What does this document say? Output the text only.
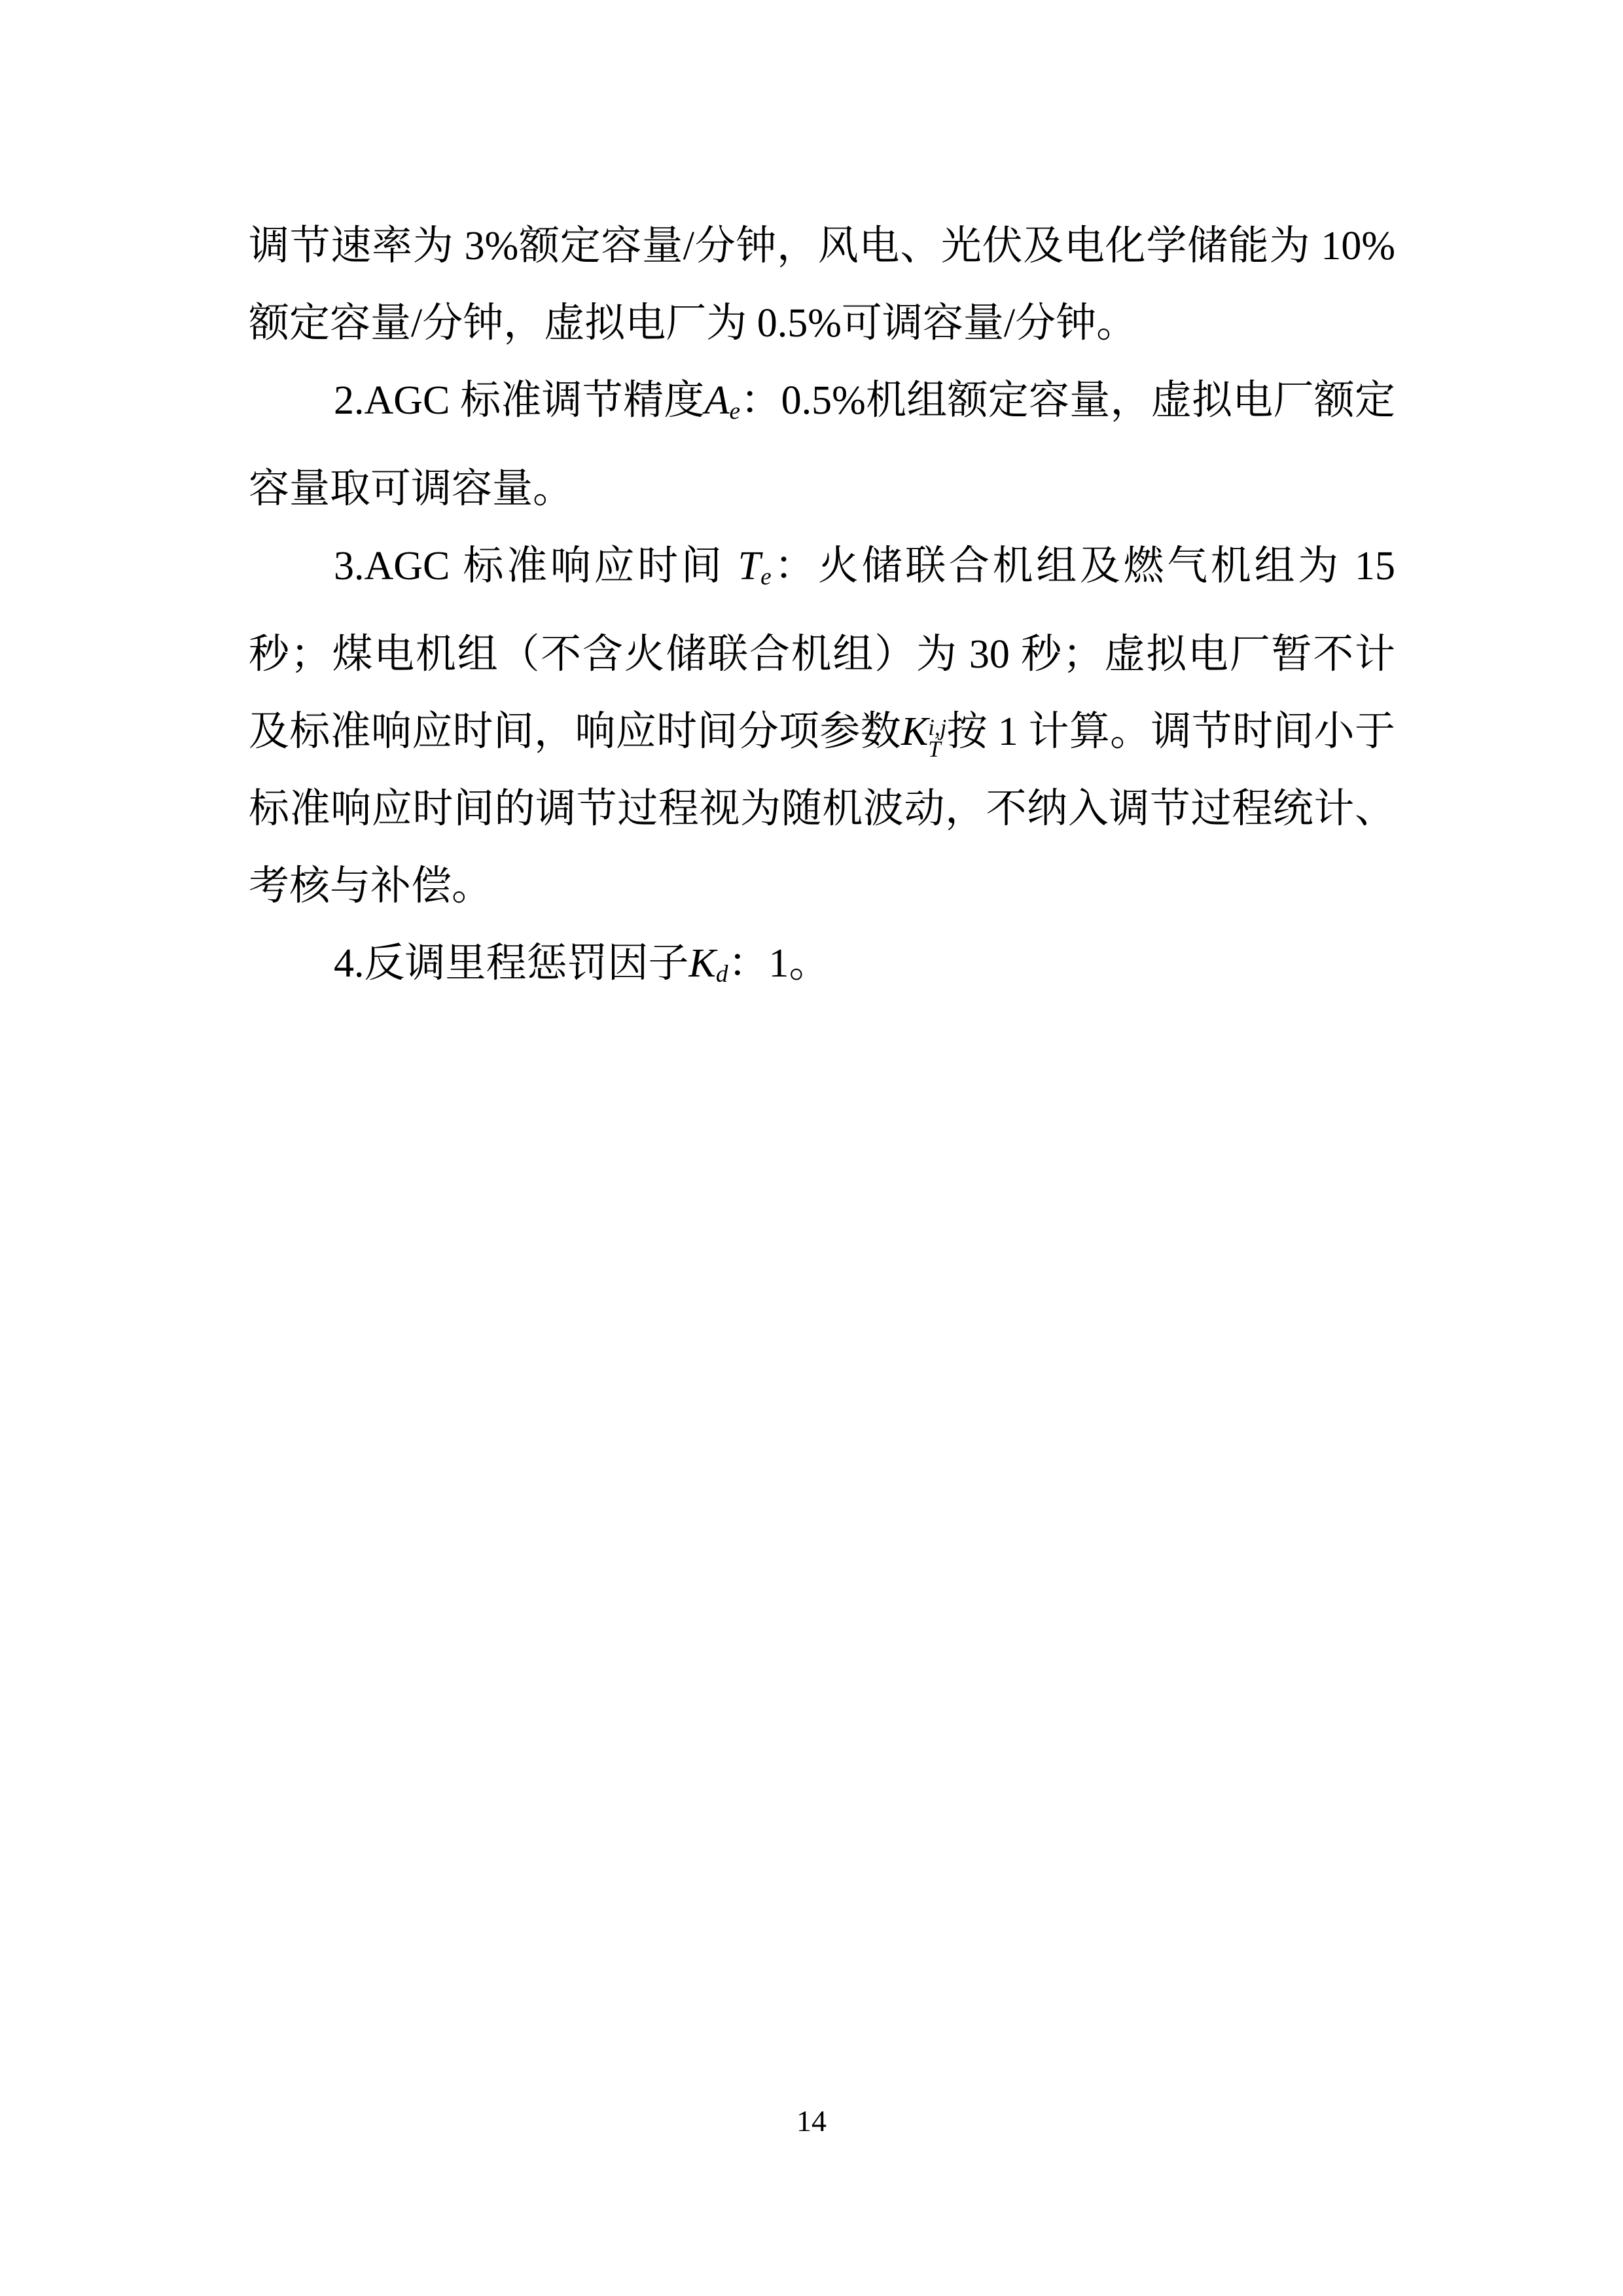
调节速率为 3%额定容量/分钟，风电、光伏及电化学储能为 10%额定容量/分钟，虚拟电厂为 0.5%可调容量/分钟。

2.AGC 标准调节精度Ae：0.5%机组额定容量，虚拟电厂额定容量取可调容量。

3.AGC 标准响应时间 Te：火储联合机组及燃气机组为 15 秒；煤电机组（不含火储联合机组）为 30 秒；虚拟电厂暂不计及标准响应时间，响应时间分项参数K i,j
T 按 1 计算。调节时间小于标准响应时间的调节过程视为随机波动，不纳入调节过程统计、考核与补偿。

4.反调里程惩罚因子Kd：1。

14
